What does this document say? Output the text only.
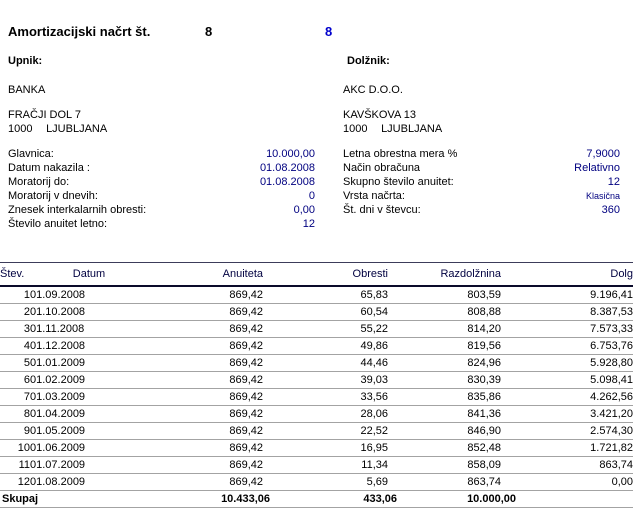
Amortizacijski načrt št.	8	8
Upnik:
BANKA
FRAČJI DOL 7
1000 LJUBLJANA
Dolžnik:
AKC D.O.O.
KAVŠKOVA 13
1000 LJUBLJANA
Glavnica:	10.000,00
Datum nakazila :	01.08.2008
Moratorij do:	01.08.2008
Moratorij v dnevih:	0
Znesek interkalarnih obresti:	0,00
Število anuitet letno:	12
Letna obrestna mera %	7,9000
Način obračuna	Relativno
Skupno število anuitet:	12
Vrsta načrta:	Klasična
Št. dni v števcu:	360
Štev.	Datum	Anuiteta	Obresti	Razdolžnina	Dolg
1	01.09.2008	869,42	65,83	803,59	9.196,41
2	01.10.2008	869,42	60,54	808,88	8.387,53
3	01.11.2008	869,42	55,22	814,20	7.573,33
4	01.12.2008	869,42	49,86	819,56	6.753,76
5	01.01.2009	869,42	44,46	824,96	5.928,80
6	01.02.2009	869,42	39,03	830,39	5.098,41
7	01.03.2009	869,42	33,56	835,86	4.262,56
8	01.04.2009	869,42	28,06	841,36	3.421,20
9	01.05.2009	869,42	22,52	846,90	2.574,30
10	01.06.2009	869,42	16,95	852,48	1.721,82
11	01.07.2009	869,42	11,34	858,09	863,74
12	01.08.2009	869,42	5,69	863,74	0,00
Skupaj		10.433,06	433,06	10.000,00	
